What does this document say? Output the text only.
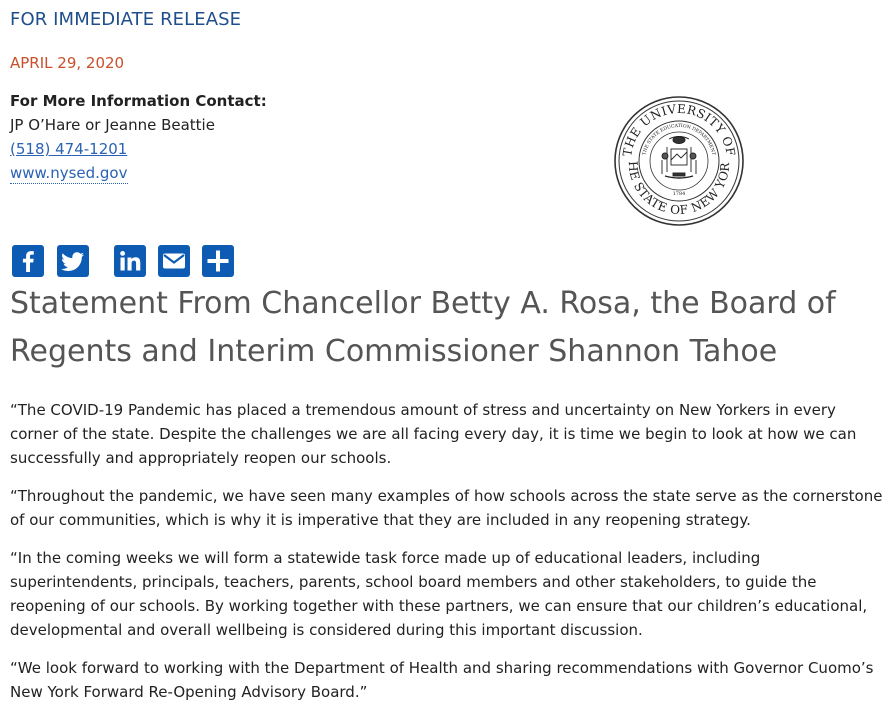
FOR IMMEDIATE RELEASE
APRIL 29, 2020
For More Information Contact:
JP O’Hare or Jeanne Beattie
(518) 474-1201
www.nysed.gov
THE UNIVERSITY OF
HE STATE OF NEW YOR
THE STATE EDUCATION DEPARTMENT
1784
Statement From Chancellor Betty A. Rosa, the Board of Regents and Interim Commissioner Shannon Tahoe

“The COVID-19 Pandemic has placed a tremendous amount of stress and uncertainty on New Yorkers in every corner of the state. Despite the challenges we are all facing every day, it is time we begin to look at how we can successfully and appropriately reopen our schools.

“Throughout the pandemic, we have seen many examples of how schools across the state serve as the cornerstone of our communities, which is why it is imperative that they are included in any reopening strategy.

“In the coming weeks we will form a statewide task force made up of educational leaders, including superintendents, principals, teachers, parents, school board members and other stakeholders, to guide the reopening of our schools. By working together with these partners, we can ensure that our children’s educational, developmental and overall wellbeing is considered during this important discussion.

“We look forward to working with the Department of Health and sharing recommendations with Governor Cuomo’s New York Forward Re-Opening Advisory Board.”
